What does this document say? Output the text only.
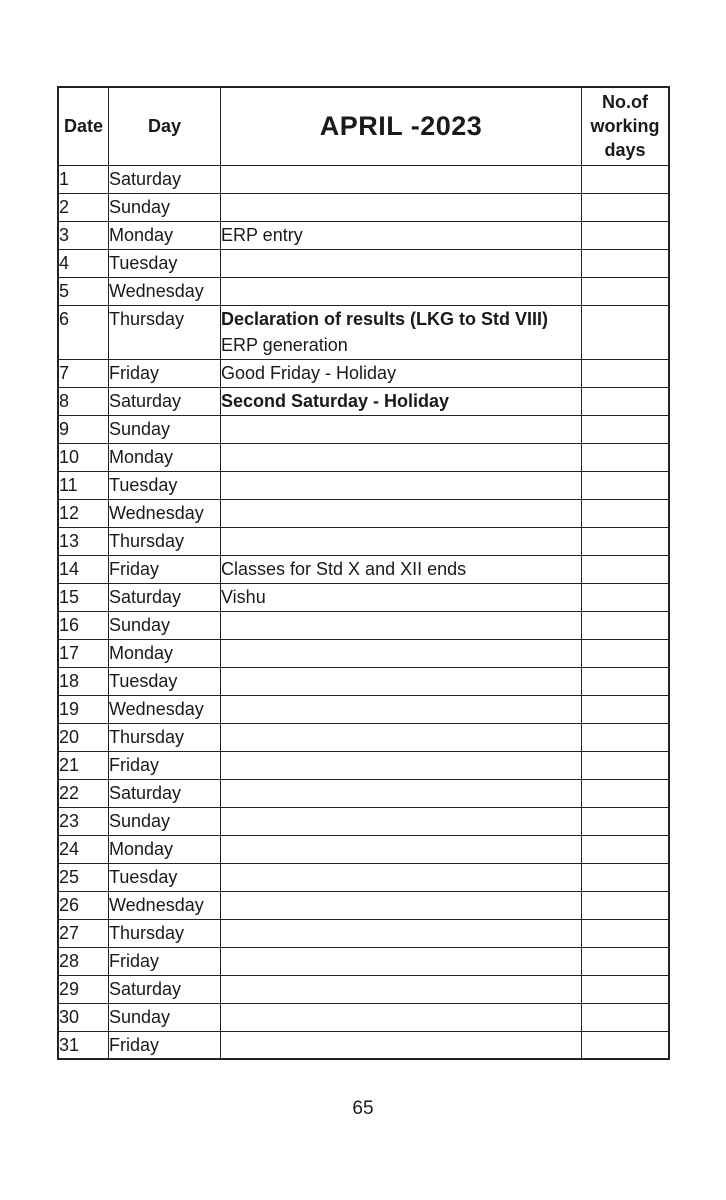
Date	Day	APRIL -2023	No.of
working
days

1	Saturday		
2	Sunday		
3	Monday	ERP entry	

4	Tuesday		
5	Wednesday		
6	Thursday	Declaration of results (LKG to Std VIII)
ERP generation	

7	Friday	Good Friday - Holiday	

8	Saturday	Second Saturday - Holiday	

9	Sunday		
10	Monday		
11	Tuesday		
12	Wednesday		
13	Thursday		
14	Friday	Classes for Std X and XII ends	

15	Saturday	Vishu	

16	Sunday		
17	Monday		
18	Tuesday		
19	Wednesday		
20	Thursday		
21	Friday		
22	Saturday		
23	Sunday		
24	Monday		
25	Tuesday		
26	Wednesday		
27	Thursday		
28	Friday		
29	Saturday		
30	Sunday		
31	Friday		
65
